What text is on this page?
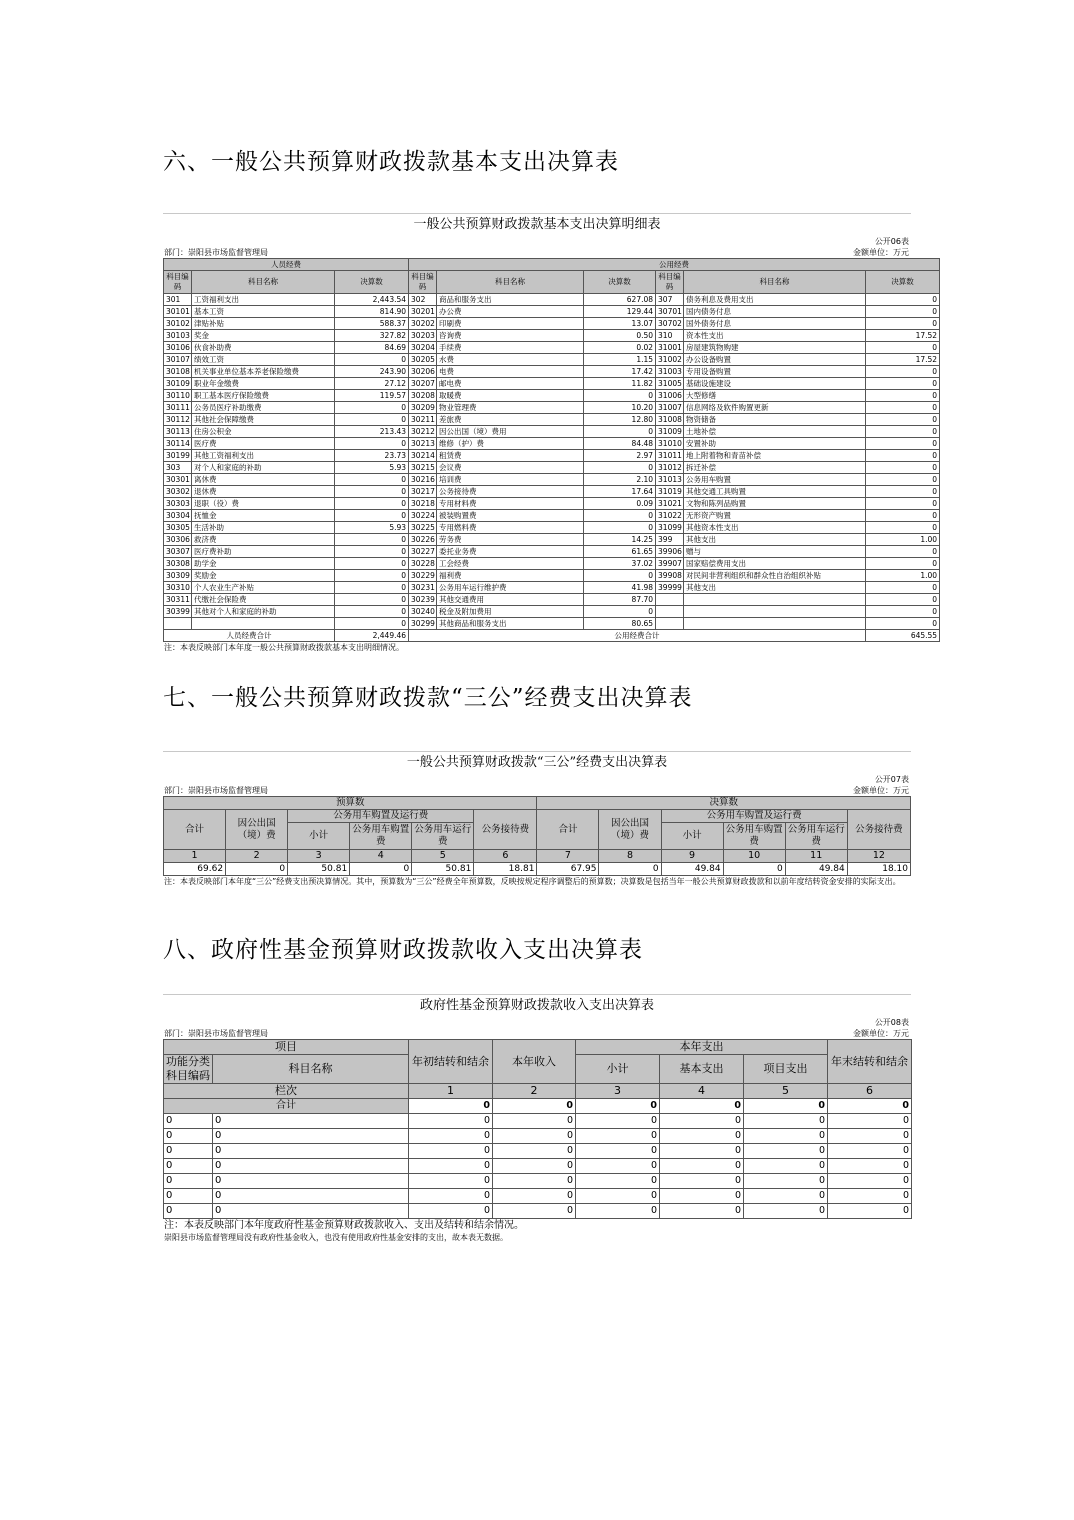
六、一般公共预算财政拨款基本支出决算表
一般公共预算财政拨款基本支出决算明细表
公开06表
部门：崇阳县市场监督管理局	金额单位：万元
人员经费			公用经费					
科目编码	科目名称	决算数	科目编码	科目名称	决算数	科目编码	科目名称	决算数
301	工资福利支出	2,443.54	302	商品和服务支出	627.08	307	债务利息及费用支出	0
30101	基本工资	814.90	30201	办公费	129.44	30701	国内债务付息	0
30102	津贴补贴	588.37	30202	印刷费	13.07	30702	国外债务付息	0
30103	奖金	327.82	30203	咨询费	0.50	310	资本性支出	17.52
30106	伙食补助费	84.69	30204	手续费	0.02	31001	房屋建筑物购建	0
30107	绩效工资	0	30205	水费	1.15	31002	办公设备购置	17.52
30108	机关事业单位基本养老保险缴费	243.90	30206	电费	17.42	31003	专用设备购置	0
30109	职业年金缴费	27.12	30207	邮电费	11.82	31005	基础设施建设	0
30110	职工基本医疗保险缴费	119.57	30208	取暖费	0	31006	大型修缮	0
30111	公务员医疗补助缴费	0	30209	物业管理费	10.20	31007	信息网络及软件购置更新	0
30112	其他社会保障缴费	0	30211	差旅费	12.80	31008	物资储备	0
30113	住房公积金	213.43	30212	因公出国（境）费用	0	31009	土地补偿	0
30114	医疗费	0	30213	维修（护）费	84.48	31010	安置补助	0
30199	其他工资福利支出	23.73	30214	租赁费	2.97	31011	地上附着物和青苗补偿	0
303	对个人和家庭的补助	5.93	30215	会议费	0	31012	拆迁补偿	0
30301	离休费	0	30216	培训费	2.10	31013	公务用车购置	0
30302	退休费	0	30217	公务接待费	17.64	31019	其他交通工具购置	0
30303	退职（役）费	0	30218	专用材料费	0.09	31021	文物和陈列品购置	0
30304	抚恤金	0	30224	被装购置费	0	31022	无形资产购置	0
30305	生活补助	5.93	30225	专用燃料费	0	31099	其他资本性支出	0
30306	救济费	0	30226	劳务费	14.25	399	其他支出	1.00
30307	医疗费补助	0	30227	委托业务费	61.65	39906	赠与	0
30308	助学金	0	30228	工会经费	37.02	39907	国家赔偿费用支出	0
30309	奖励金	0	30229	福利费	0	39908	对民间非营利组织和群众性自治组织补贴	1.00
30310	个人农业生产补贴	0	30231	公务用车运行维护费	41.98	39999	其他支出	0
30311	代缴社会保险费	0	30239	其他交通费用	87.70			0
30399	其他对个人和家庭的补助	0	30240	税金及附加费用	0			0
		0	30299	其他商品和服务支出	80.65			0
人员经费合计		2,449.46	公用经费合计					645.55
注：本表反映部门本年度一般公共预算财政拨款基本支出明细情况。
七、一般公共预算财政拨款“三公”经费支出决算表
一般公共预算财政拨款“三公”经费支出决算表
公开07表
部门：崇阳县市场监督管理局	金额单位：万元
预算数						决算数					
合计	因公出国（境）费	公务用车购置及运行费			公务接待费	合计	因公出国（境）费	公务用车购置及运行费			公务接待费
		小计	公务用车购置费	公务用车运行费				小计	公务用车购置费	公务用车运行费	
1	2	3	4	5	6	7	8	9	10	11	12
69.62	0	50.81	0	50.81	18.81	67.95	0	49.84	0	49.84	18.10
注：本表反映部门本年度“三公”经费支出预决算情况。其中，预算数为“三公”经费全年预算数，反映按规定程序调整后的预算数；决算数是包括当年一般公共预算财政拨款和以前年度结转资金安排的实际支出。
八、政府性基金预算财政拨款收入支出决算表
政府性基金预算财政拨款收入支出决算表
公开08表
部门：崇阳县市场监督管理局	金额单位：万元
项目		年初结转和结余	本年收入	本年支出			年末结转和结余
功能分类科目编码	科目名称			小计	基本支出	项目支出	

栏次		1	2	3	4	5	6
合计		0	0	0	0	0	0
0	0	0	0	0	0	0	0
0	0	0	0	0	0	0	0
0	0	0	0	0	0	0	0
0	0	0	0	0	0	0	0
0	0	0	0	0	0	0	0
0	0	0	0	0	0	0	0
0	0	0	0	0	0	0	0
注：本表反映部门本年度政府性基金预算财政拨款收入、支出及结转和结余情况。
崇阳县市场监督管理局没有政府性基金收入，也没有使用政府性基金安排的支出，故本表无数据。
